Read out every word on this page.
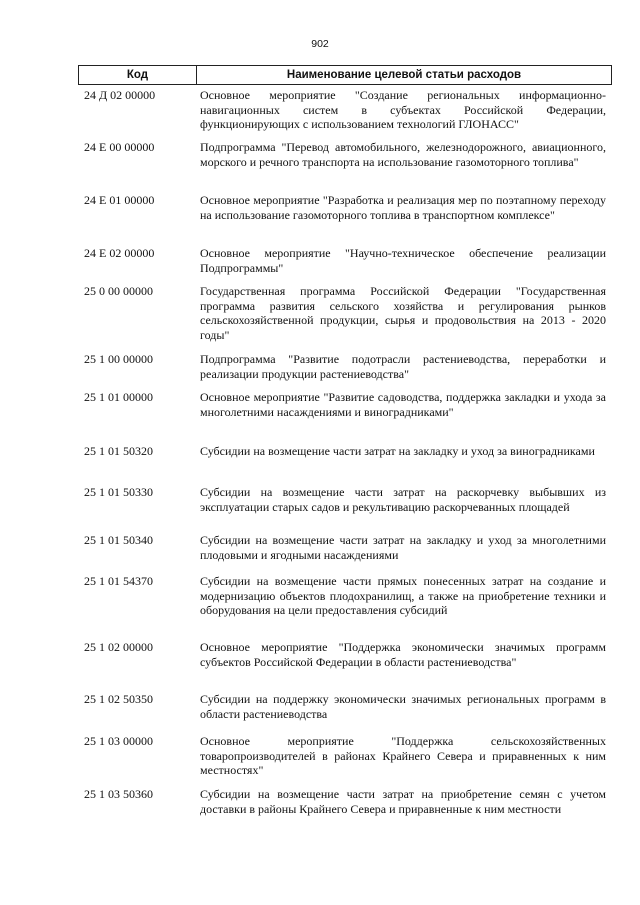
902
Код	Наименование целевой статьи расходов
24 Д 02 00000	Основное мероприятие "Создание региональных информационно-навигационных систем в субъектах Российской Федерации, функционирующих с использованием технологий ГЛОНАСС"
24 Е 00 00000	Подпрограмма "Перевод автомобильного, железнодорожного, авиационного, морского и речного транспорта на использование газомоторного топлива"
24 Е 01 00000	Основное мероприятие "Разработка и реализация мер по поэтапному переходу на использование газомоторного топлива в транспортном комплексе"
24 Е 02 00000	Основное мероприятие "Научно-техническое обеспечение реализации Подпрограммы"
25 0 00 00000	Государственная программа Российской Федерации "Государственная программа развития сельского хозяйства и регулирования рынков сельскохозяйственной продукции, сырья и продовольствия на 2013 - 2020 годы"
25 1 00 00000	Подпрограмма "Развитие подотрасли растениеводства, переработки и реализации продукции растениеводства"
25 1 01 00000	Основное мероприятие "Развитие садоводства, поддержка закладки и ухода за многолетними насаждениями и виноградниками"
25 1 01 50320	Субсидии на возмещение части затрат на закладку и уход за виноградниками
25 1 01 50330	Субсидии на возмещение части затрат на раскорчевку выбывших из эксплуатации старых садов и рекультивацию раскорчеванных площадей
25 1 01 50340	Субсидии на возмещение части затрат на закладку и уход за многолетними плодовыми и ягодными насаждениями
25 1 01 54370	Субсидии на возмещение части прямых понесенных затрат на создание и модернизацию объектов плодохранилищ, а также на приобретение техники и оборудования на цели предоставления субсидий
25 1 02 00000	Основное мероприятие "Поддержка экономически значимых программ субъектов Российской Федерации в области растениеводства"
25 1 02 50350	Субсидии на поддержку экономически значимых региональных программ в области растениеводства
25 1 03 00000	Основное мероприятие "Поддержка сельскохозяйственных товаропроизводителей в районах Крайнего Севера и приравненных к ним местностях"
25 1 03 50360	Субсидии на возмещение части затрат на приобретение семян с учетом доставки в районы Крайнего Севера и приравненные к ним местности
